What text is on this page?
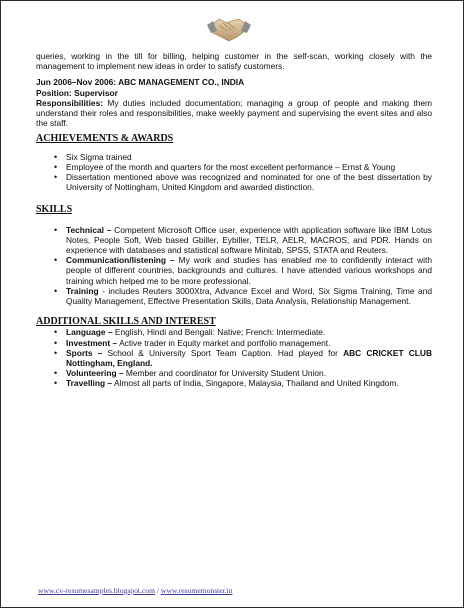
queries, working in the till for billing, helping customer in the self-scan, working closely with the management to implement new ideas in order to satisfy customers.

Jun 2006–Nov 2006: ABC MANAGEMENT CO., INDIA

Position: Supervisor

Responsibilities: My duties included documentation; managing a group of people and making them understand their roles and responsibilities, make weekly payment and supervising the event sites and also the staff.

ACHIEVEMENTS & AWARDS

• Six Sigma trained
• Employee of the month and quarters for the most excellent performance – Ernst & Young
• Dissertation mentioned above was recognized and nominated for one of the best dissertation by University of Nottingham, United Kingdom and awarded distinction.

SKILLS

• Technical – Competent Microsoft Office user, experience with application software like IBM Lotus Notes, People Soft, Web based Gbiller, Eybiller, TELR, AELR, MACROS, and PDR. Hands on experience with databases and statistical software Minitab, SPSS, STATA and Reuters.
• Communication/listening – My work and studies has enabled me to confidently interact with people of different countries, backgrounds and cultures. I have attended various workshops and training which helped me to be more professional.
• Training - includes Reuters 3000Xtra, Advance Excel and Word, Six Sigma Training, Time and Quality Management, Effective Presentation Skills, Data Analysis, Relationship Management.

ADDITIONAL SKILLS AND INTEREST

• Language – English, Hindi and Bengali: Native; French: Intermediate.
• Investment – Active trader in Equity market and portfolio management.
• Sports – School & University Sport Team Caption. Had played for ABC CRICKET CLUB Nottingham, England.
• Volunteering – Member and coordinator for University Student Union.
• Travelling – Almost all parts of India, Singapore, Malaysia, Thailand and United Kingdom.
www.cv-resumesamples.blogspot.com / www.resumemonster.in
